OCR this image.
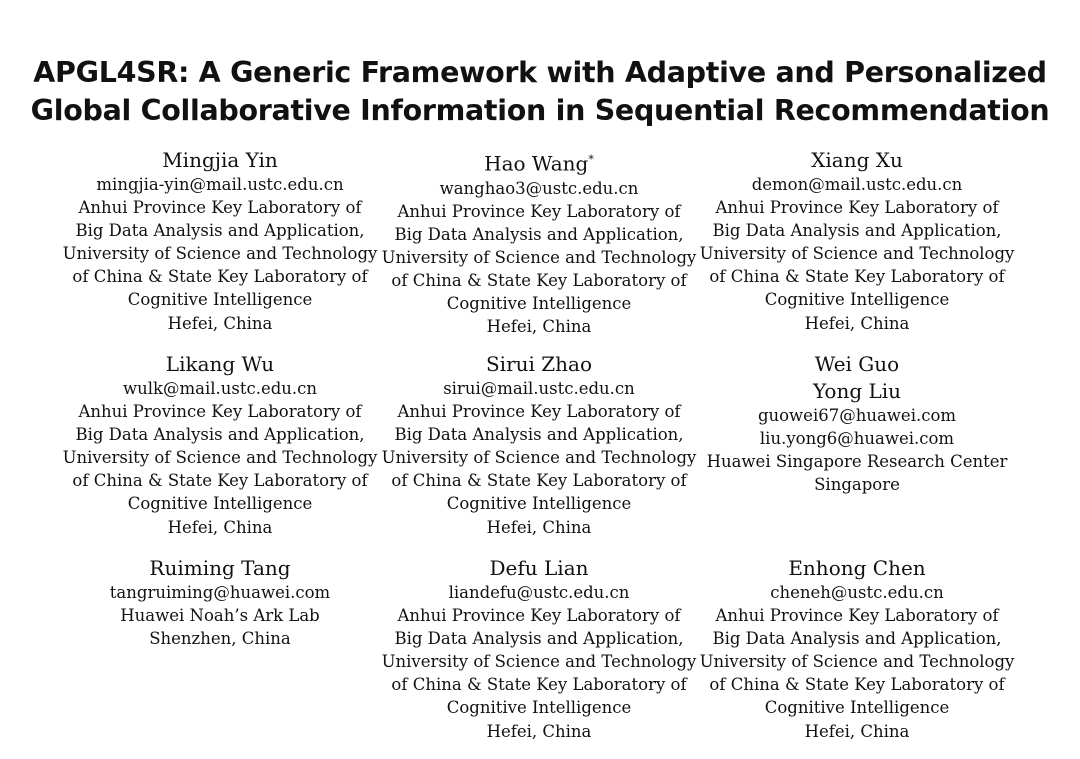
APGL4SR: A Generic Framework with Adaptive and Personalized
Global Collaborative Information in Sequential Recommendation
Mingjia Yin
mingjia-yin@mail.ustc.edu.cn
Anhui Province Key Laboratory of
Big Data Analysis and Application,
University of Science and Technology
of China & State Key Laboratory of
Cognitive Intelligence
Hefei, China
Hao Wang*
wanghao3@ustc.edu.cn
Anhui Province Key Laboratory of
Big Data Analysis and Application,
University of Science and Technology
of China & State Key Laboratory of
Cognitive Intelligence
Hefei, China
Xiang Xu
demon@mail.ustc.edu.cn
Anhui Province Key Laboratory of
Big Data Analysis and Application,
University of Science and Technology
of China & State Key Laboratory of
Cognitive Intelligence
Hefei, China
Likang Wu
wulk@mail.ustc.edu.cn
Anhui Province Key Laboratory of
Big Data Analysis and Application,
University of Science and Technology
of China & State Key Laboratory of
Cognitive Intelligence
Hefei, China
Sirui Zhao
sirui@mail.ustc.edu.cn
Anhui Province Key Laboratory of
Big Data Analysis and Application,
University of Science and Technology
of China & State Key Laboratory of
Cognitive Intelligence
Hefei, China
Wei Guo
Yong Liu
guowei67@huawei.com
liu.yong6@huawei.com
Huawei Singapore Research Center
Singapore
Ruiming Tang
tangruiming@huawei.com
Huawei Noah’s Ark Lab
Shenzhen, China
Defu Lian
liandefu@ustc.edu.cn
Anhui Province Key Laboratory of
Big Data Analysis and Application,
University of Science and Technology
of China & State Key Laboratory of
Cognitive Intelligence
Hefei, China
Enhong Chen
cheneh@ustc.edu.cn
Anhui Province Key Laboratory of
Big Data Analysis and Application,
University of Science and Technology
of China & State Key Laboratory of
Cognitive Intelligence
Hefei, China
